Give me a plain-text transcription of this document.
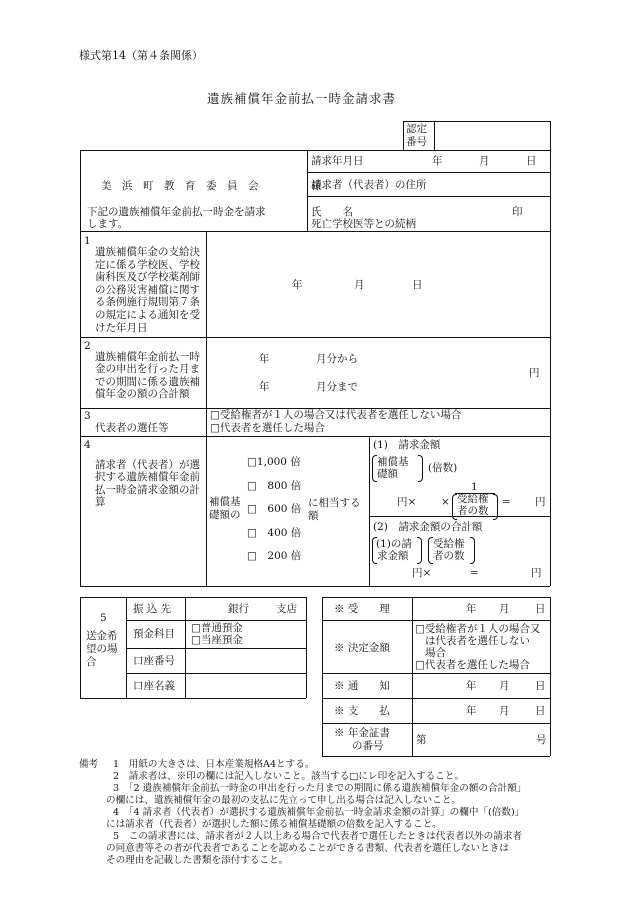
様式第14（第４条関係）
遺族補償年金前払一時金請求書
認定
番号
美　浜　町　教　育　委　員　会　　　　　様
下記の遺族補償年金前払一時金を請求
します。
請求年月日	年	月	日
請求者（代表者）の住所
氏　　名	印
死亡学校医等との続柄
1
遺族補償年金の支給決定に係る学校医、学校歯科医及び学校薬剤師の公務災害補償に関する条例施行規則第７条の規定による通知を受けた年月日
年	月	日
2
遺族補償年金前払一時金の申出を行った月までの期間に係る遺族補償年金の額の合計額
年	月分から
年	月分まで
円
3
代表者の選任等
□受給権者が１人の場合又は代表者を選任しない場合
□代表者を選任した場合
4
請求者（代表者）が選択する遺族補償年金前払一時金請求金額の計算
□1,000 倍
□　800 倍
□　600 倍
□　400 倍
□　200 倍
補償基
礎額の
に相当する
額
(1)　請求金額
補償基
礎額	(倍数)
1
受給権
者の数
円× ×	= 円
(2)　請求金額の合計額
(1)の請
求金額
受給権
者の数
円×	=	円
5
送金希望の場合
振 込 先	銀行	支店
預金科目 □普通預金
□当座預金
口座番号
口座名義
※ 受　　理	年 月 日
※ 決定金額
□受給権者が１人の場合又
は代表者を選任しない
場合
□代表者を選任した場合
※ 通　　知	年 月 日
※ 支　　払	年 月 日
※ 年金証書
の番号	第	号
備考 1　用紙の大きさは、日本産業規格A4とする。
2　請求者は、※印の欄には記入しないこと。該当する□にレ印を記入すること。
3　「2 遺族補償年金前払一時金の申出を行った月までの期間に係る遺族補償年金の額の合計額」
の欄には、遺族補償年金の最初の支払に先立って申し出る場合は記入しないこと。
4　「4 請求者（代表者）が選択する遺族補償年金前払一時金請求金額の計算」の欄中「(倍数)」
には請求者（代表者）が選択した額に係る補償基礎額の倍数を記入すること。
5　この請求書には、請求者が２人以上ある場合で代表者で選任したときは代表者以外の請求者
の同意書等その者が代表者であることを認めることができる書類、代表者を選任しないときは
その理由を記載した書類を添付すること。
